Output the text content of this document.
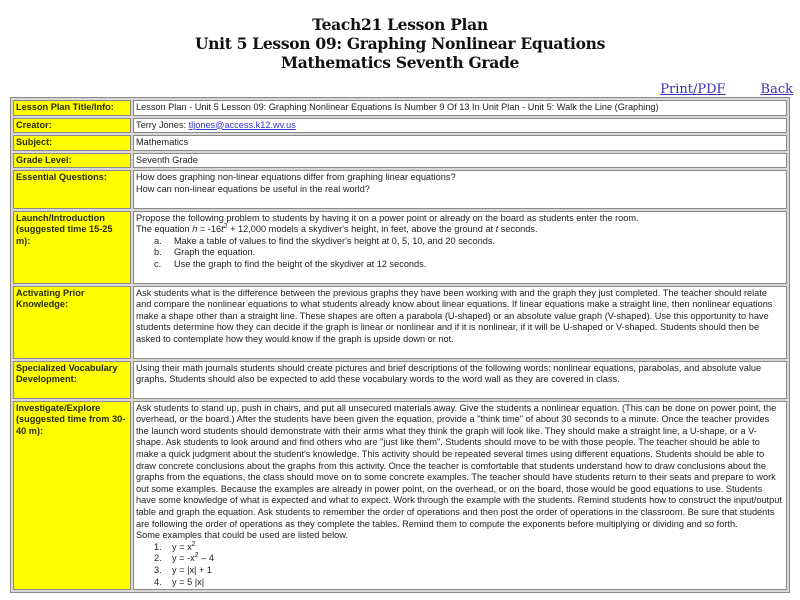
Teach21 Lesson Plan
Unit 5 Lesson 09: Graphing Nonlinear Equations
Mathematics Seventh Grade
Print/PDF	Back
Lesson Plan Title/Info:	Lesson Plan - Unit 5 Lesson 09: Graphing Nonlinear Equations Is Number 9 Of 13 In Unit Plan - Unit 5: Walk the Line (Graphing)
Creator:	Terry Jones: tljones@access.k12.wv.us
Subject:	Mathematics
Grade Level:	Seventh Grade
Essential Questions:	How does graphing non-linear equations differ from graphing linear equations?
How can non-linear equations be useful in the real world?

Launch/Introduction (suggested time 15-25 m):	
Propose the following problem to students by having it on a power point or already on the board as students enter the room.
The equation $h = -16t^2 + 12,000$ models a skydiver's height, in feet, above the ground at t seconds.
a.	Make a table of values to find the skydiver's height at 0, 5, 10, and 20 seconds.
b.	Graph the equation.
c.	Use the graph to find the height of the skydiver at 12 seconds.

Activating Prior Knowledge:	Ask students what is the difference between the previous graphs they have been working with and the graph they just completed. The teacher should relate and compare the nonlinear equations to what students already know about linear equations. If linear equations make a straight line, then nonlinear equations make a shape other than a straight line. These shapes are often a parabola (U-shaped) or an absolute value graph (V-shaped). Use this opportunity to have students determine how they can decide if the graph is linear or nonlinear and if it is nonlinear, if it will be U-shaped or V-shaped. Students should then be asked to contemplate how they would know if the graph is upside down or not.
Specialized Vocabulary Development:	Using their math journals students should create pictures and brief descriptions of the following words: nonlinear equations, parabolas, and absolute value graphs. Students should also be expected to add these vocabulary words to the word wall as they are covered in class.
Investigate/Explore (suggested time from 30-40 m):	
Ask students to stand up, push in chairs, and put all unsecured materials away. Give the students a nonlinear equation. (This can be done on power point, the overhead, or the board.) After the students have been given the equation, provide a "think time" of about 30 seconds to a minute. Once the teacher provides the launch word students should demonstrate with their arms what they think the graph will look like. They should make a straight line, a U-shape, or a V-shape. Ask students to look around and find others who are "just like them". Students should move to be with those people. The teacher should be able to make a quick judgment about the student's knowledge. This activity should be repeated several times using different equations. Students should be able to draw concrete conclusions about the graphs from this activity. Once the teacher is comfortable that students understand how to draw conclusions about the graphs from the equations, the class should move on to some concrete examples. The teacher should have students return to their seats and prepare to work out some examples. Because the examples are already in power point, on the overhead, or on the board, those would be good equations to use. Students have some knowledge of what is expected and what to expect. Work through the example with the students. Remind students how to construct the input/output table and graph the equation. Ask students to remember the order of operations and then post the order of operations in the classroom. Be sure that students are following the order of operations as they complete the tables. Remind them to compute the exponents before multiplying or dividing and so forth.
Some examples that could be used are listed below.
1.	$y = x^2$
2.	$y = -x^2 - 4$
3.	y = |x| + 1
4.	y = 5 |x|
